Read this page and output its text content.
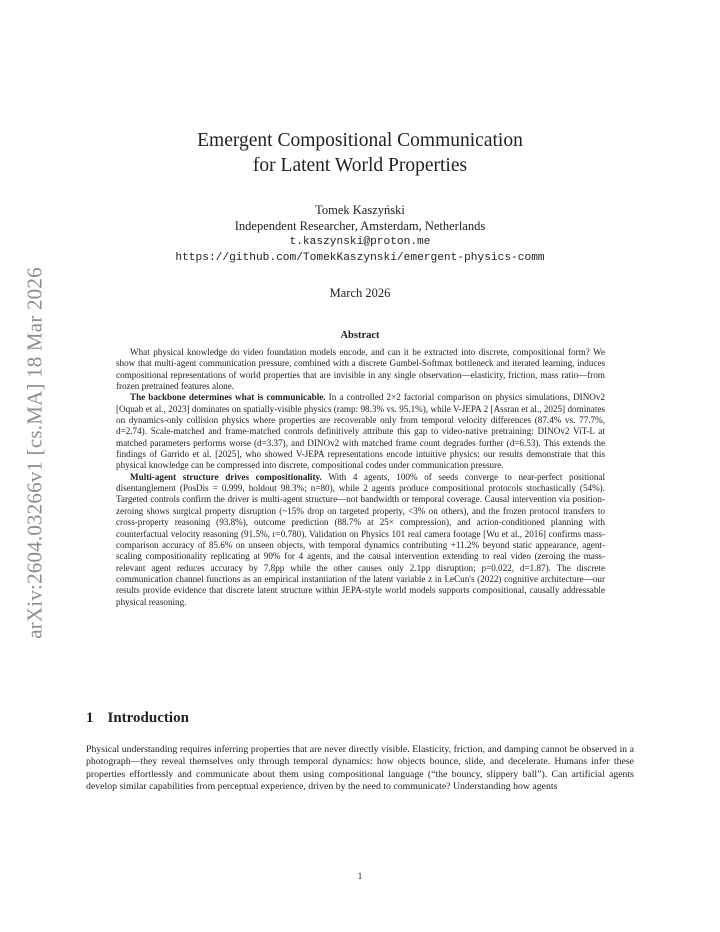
arXiv:2604.03266v1 [cs.MA] 18 Mar 2026
Emergent Compositional Communication
for Latent World Properties
Tomek Kaszyński
Independent Researcher, Amsterdam, Netherlands
t.kaszynski@proton.me
https://github.com/TomekKaszynski/emergent-physics-comm
March 2026
Abstract

What physical knowledge do video foundation models encode, and can it be extracted into discrete, compositional form? We show that multi-agent communication pressure, combined with a discrete Gumbel-Softmax bottleneck and iterated learning, induces compositional representations of world properties that are invisible in any single observation—elasticity, friction, mass ratio—from frozen pretrained features alone.

The backbone determines what is communicable. In a controlled 2×2 factorial comparison on physics simulations, DINOv2 [Oquab et al., 2023] dominates on spatially-visible physics (ramp: 98.3% vs. 95.1%), while V-JEPA 2 [Assran et al., 2025] dominates on dynamics-only collision physics where properties are recoverable only from temporal velocity differences (87.4% vs. 77.7%, d=2.74). Scale-matched and frame-matched controls definitively attribute this gap to video-native pretraining: DINOv2 ViT-L at matched parameters performs worse (d=3.37), and DINOv2 with matched frame count degrades further (d=6.53). This extends the findings of Garrido et al. [2025], who showed V-JEPA representations encode intuitive physics: our results demonstrate that this physical knowledge can be compressed into discrete, compositional codes under communication pressure.

Multi-agent structure drives compositionality. With 4 agents, 100% of seeds converge to near-perfect positional disentanglement (PosDis = 0.999, holdout 98.3%; n=80), while 2 agents produce compositional protocols stochastically (54%). Targeted controls confirm the driver is multi-agent structure—not bandwidth or temporal coverage. Causal intervention via position-zeroing shows surgical property disruption (~15% drop on targeted property, <3% on others), and the frozen protocol transfers to cross-property reasoning (93.8%), outcome prediction (88.7% at 25× compression), and action-conditioned planning with counterfactual velocity reasoning (91.5%, r=0.780). Validation on Physics 101 real camera footage [Wu et al., 2016] confirms mass-comparison accuracy of 85.6% on unseen objects, with temporal dynamics contributing +11.2% beyond static appearance, agent-scaling compositionality replicating at 90% for 4 agents, and the causal intervention extending to real video (zeroing the mass-relevant agent reduces accuracy by 7.8pp while the other causes only 2.1pp disruption; p=0.022, d=1.87). The discrete communication channel functions as an empirical instantiation of the latent variable z in LeCun's (2022) cognitive architecture—our results provide evidence that discrete latent structure within JEPA-style world models supports compositional, causally addressable physical reasoning.

1 Introduction

Physical understanding requires inferring properties that are never directly visible. Elasticity, friction, and damping cannot be observed in a photograph—they reveal themselves only through temporal dynamics: how objects bounce, slide, and decelerate. Humans infer these properties effortlessly and communicate about them using compositional language (“the bouncy, slippery ball”). Can artificial agents develop similar capabilities from perceptual experience, driven by the need to communicate? Understanding how agents

1
